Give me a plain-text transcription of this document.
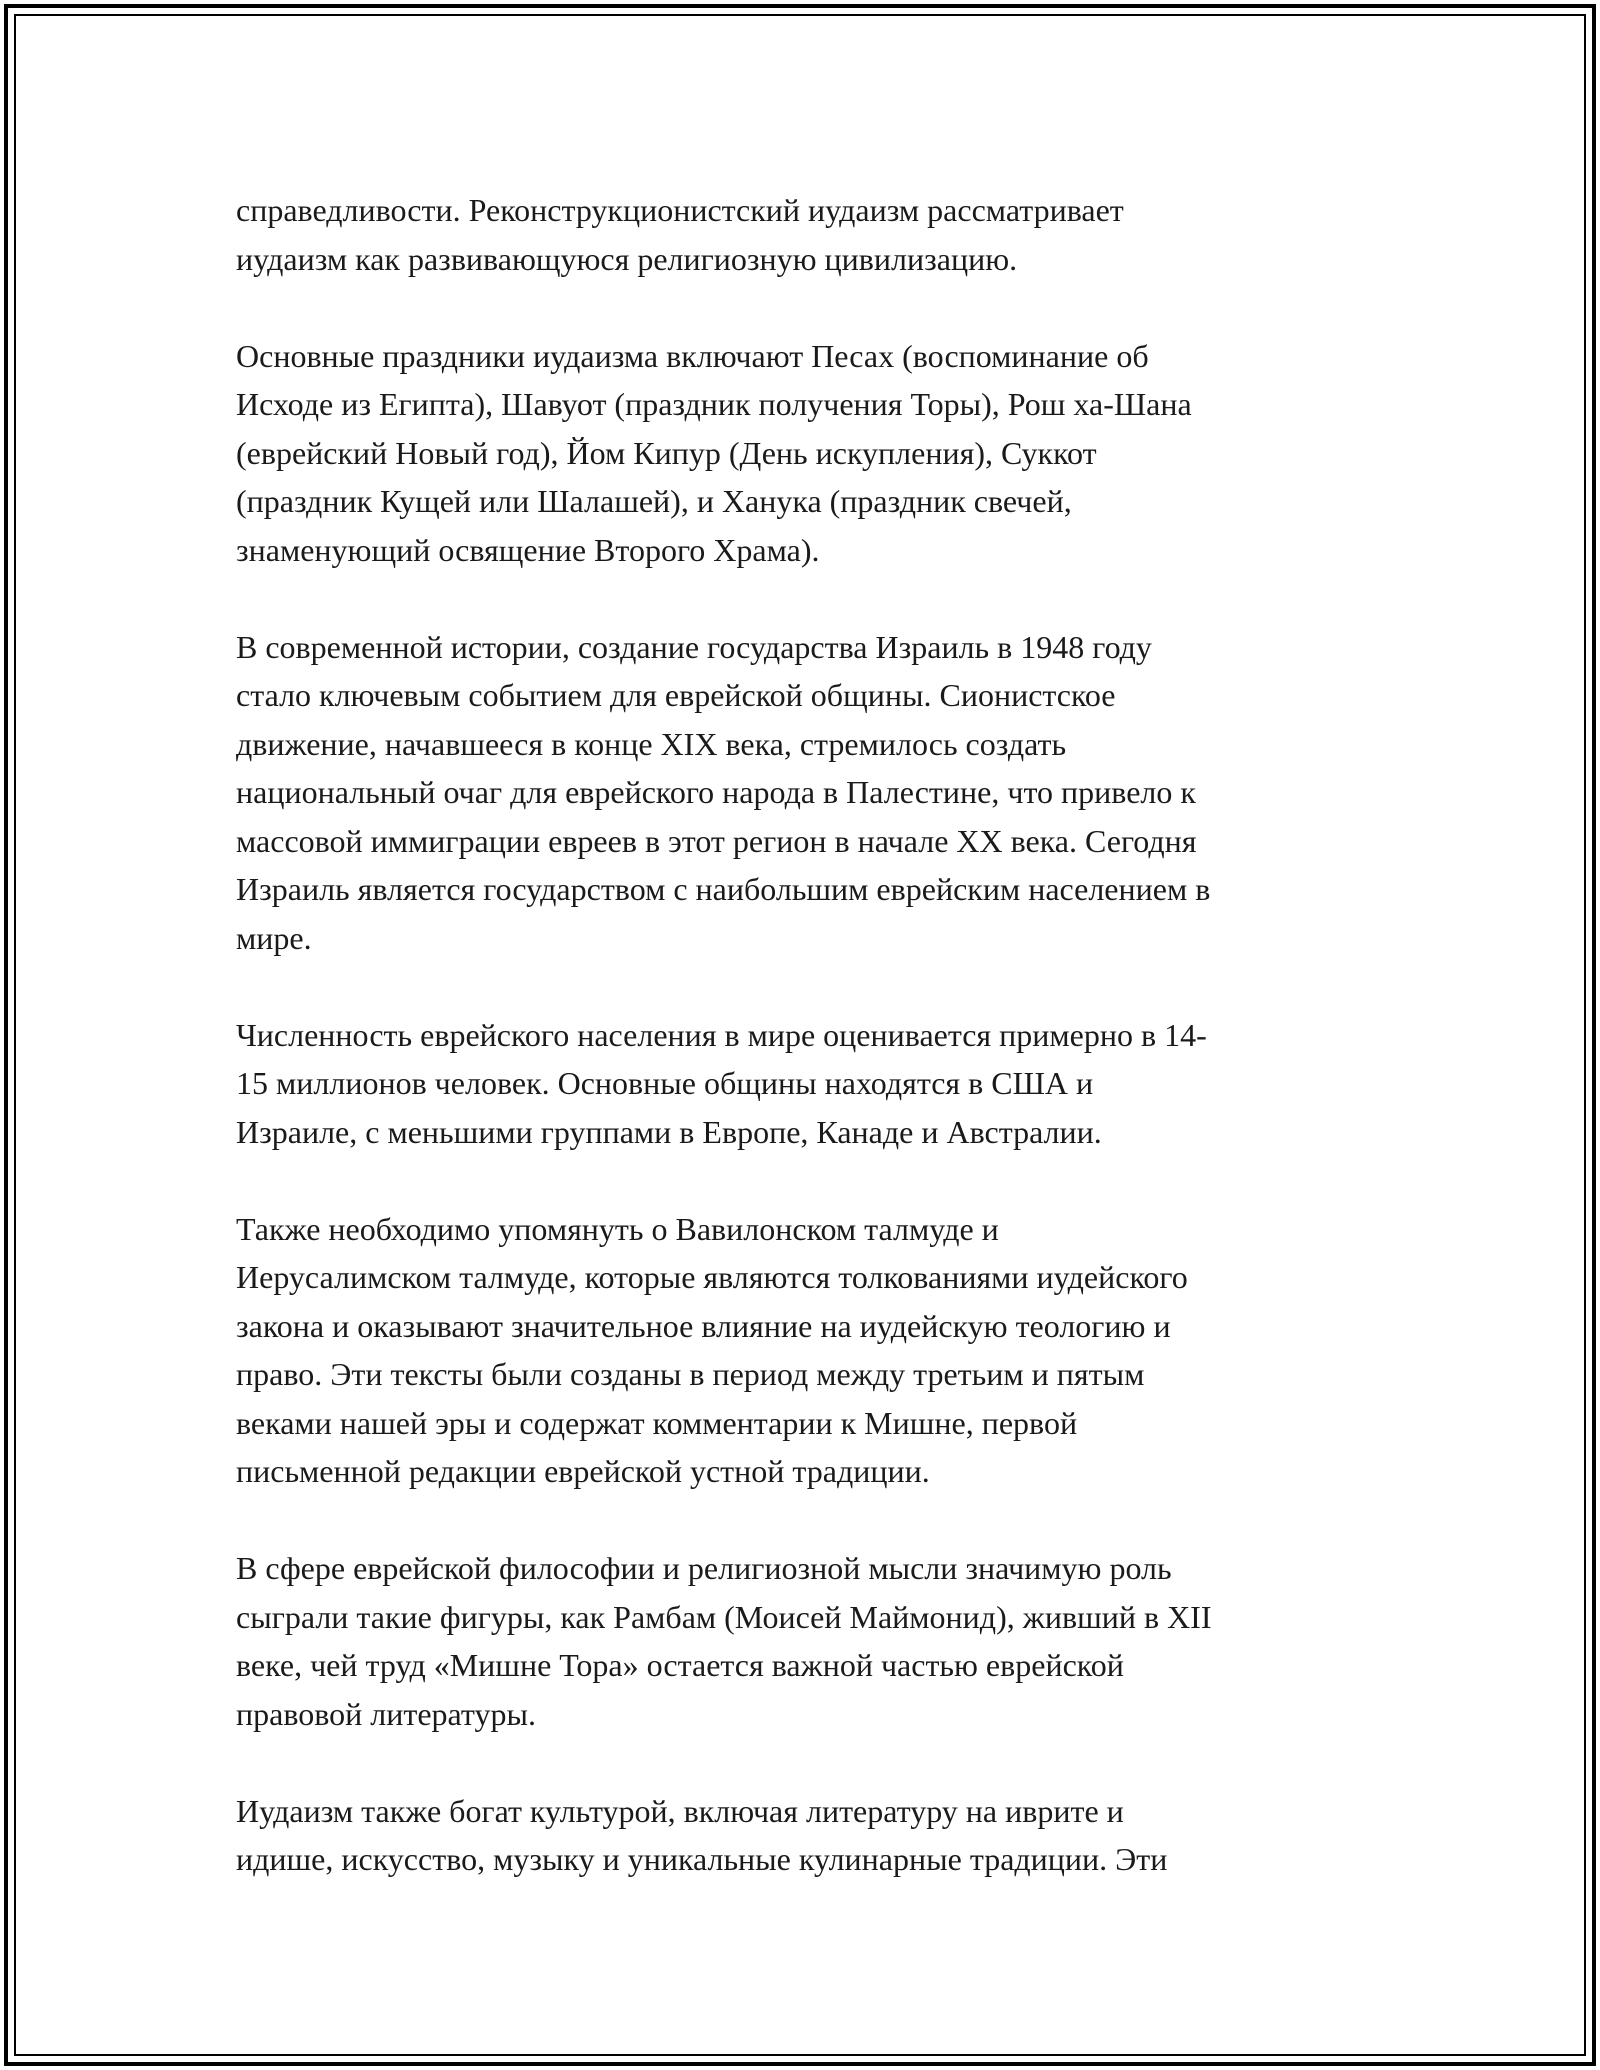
справедливости. Реконструкционистский иудаизм рассматривает
иудаизм как развивающуюся религиозную цивилизацию.

Основные праздники иудаизма включают Песах (воспоминание об
Исходе из Египта), Шавуот (праздник получения Торы), Рош ха-Шана
(еврейский Новый год), Йом Кипур (День искупления), Суккот
(праздник Кущей или Шалашей), и Ханука (праздник свечей,
знаменующий освящение Второго Храма).

В современной истории, создание государства Израиль в 1948 году
стало ключевым событием для еврейской общины. Сионистское
движение, начавшееся в конце XIX века, стремилось создать
национальный очаг для еврейского народа в Палестине, что привело к
массовой иммиграции евреев в этот регион в начале XX века. Сегодня
Израиль является государством с наибольшим еврейским населением в
мире.

Численность еврейского населения в мире оценивается примерно в 14-
15 миллионов человек. Основные общины находятся в США и
Израиле, с меньшими группами в Европе, Канаде и Австралии.

Также необходимо упомянуть о Вавилонском талмуде и
Иерусалимском талмуде, которые являются толкованиями иудейского
закона и оказывают значительное влияние на иудейскую теологию и
право. Эти тексты были созданы в период между третьим и пятым
веками нашей эры и содержат комментарии к Мишне, первой
письменной редакции еврейской устной традиции.

В сфере еврейской философии и религиозной мысли значимую роль
сыграли такие фигуры, как Рамбам (Моисей Маймонид), живший в XII
веке, чей труд «Мишне Тора» остается важной частью еврейской
правовой литературы.

Иудаизм также богат культурой, включая литературу на иврите и
идише, искусство, музыку и уникальные кулинарные традиции. Эти
